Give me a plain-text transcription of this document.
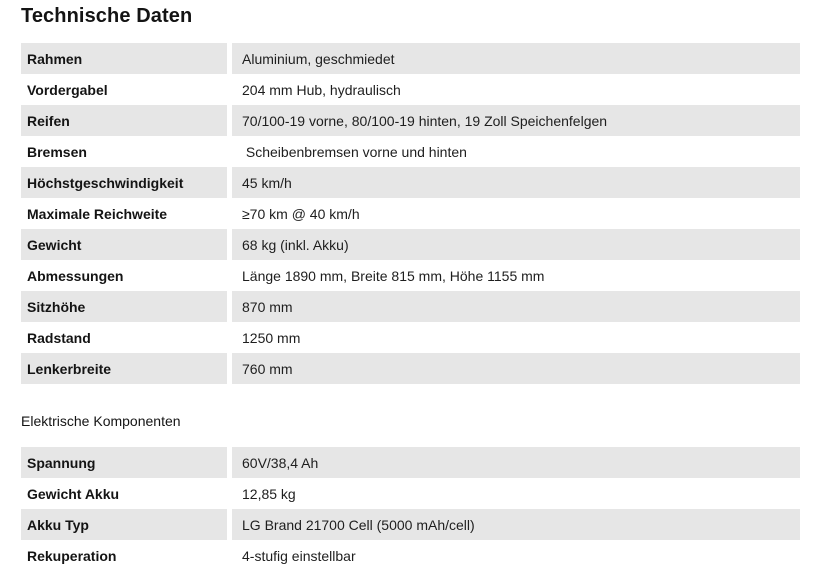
Technische Daten
Rahmen		Aluminium, geschmiedet
Vordergabel		204 mm Hub, hydraulisch
Reifen		70/100-19 vorne, 80/100-19 hinten, 19 Zoll Speichenfelgen
Bremsen		Scheibenbremsen vorne und hinten
Höchstgeschwindigkeit		45 km/h
Maximale Reichweite		≥70 km @ 40 km/h
Gewicht		68 kg (inkl. Akku)
Abmessungen		Länge 1890 mm, Breite 815 mm, Höhe 1155 mm
Sitzhöhe		870 mm
Radstand		1250 mm
Lenkerbreite		760 mm
Elektrische Komponenten
Spannung		60V/38,4 Ah
Gewicht Akku		12,85 kg
Akku Typ		LG Brand 21700 Cell (5000 mAh/cell)
Rekuperation		4-stufig einstellbar
